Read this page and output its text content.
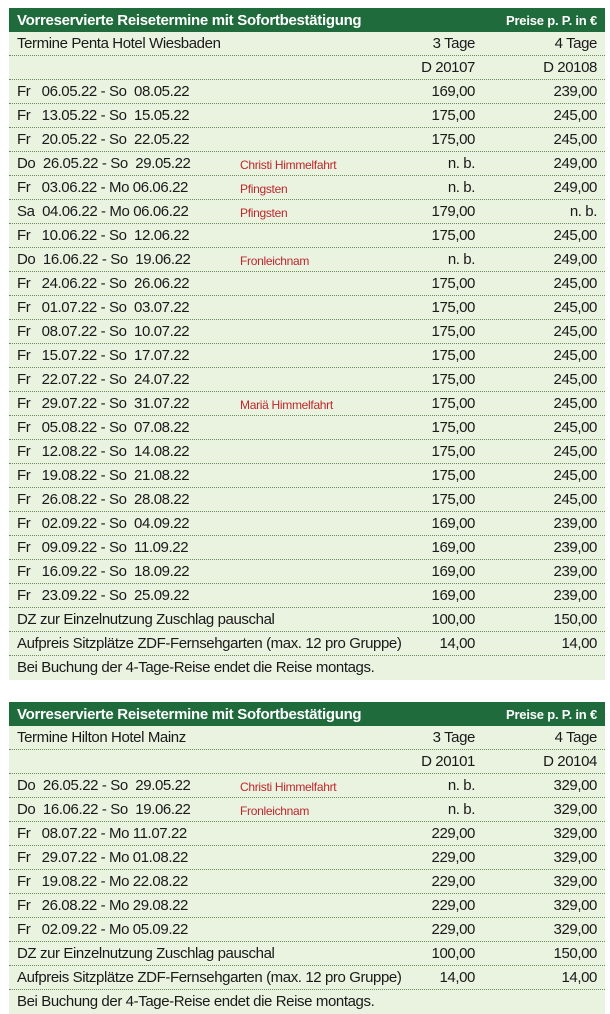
Vorreservierte Reisetermine mit Sofortbestätigung	Preise p. P. in €
Termine Penta Hotel Wiesbaden	3 Tage	4 Tage
D 20107	D 20108
Fr   06.05.22 - So  08.05.22	169,00	239,00
Fr   13.05.22 - So  15.05.22	175,00	245,00
Fr   20.05.22 - So  22.05.22	175,00	245,00
Do  26.05.22 - So  29.05.22	Christi Himmelfahrt	n. b.	249,00
Fr   03.06.22 - Mo 06.06.22	Pfingsten	n. b.	249,00
Sa  04.06.22 - Mo 06.06.22	Pfingsten	179,00	n. b.
Fr   10.06.22 - So  12.06.22	175,00	245,00
Do  16.06.22 - So  19.06.22	Fronleichnam	n. b.	249,00
Fr   24.06.22 - So  26.06.22	175,00	245,00
Fr   01.07.22 - So  03.07.22	175,00	245,00
Fr   08.07.22 - So  10.07.22	175,00	245,00
Fr   15.07.22 - So  17.07.22	175,00	245,00
Fr   22.07.22 - So  24.07.22	175,00	245,00
Fr   29.07.22 - So  31.07.22	Mariä Himmelfahrt	175,00	245,00
Fr   05.08.22 - So  07.08.22	175,00	245,00
Fr   12.08.22 - So  14.08.22	175,00	245,00
Fr   19.08.22 - So  21.08.22	175,00	245,00
Fr   26.08.22 - So  28.08.22	175,00	245,00
Fr   02.09.22 - So  04.09.22	169,00	239,00
Fr   09.09.22 - So  11.09.22	169,00	239,00
Fr   16.09.22 - So  18.09.22	169,00	239,00
Fr   23.09.22 - So  25.09.22	169,00	239,00
DZ zur Einzelnutzung Zuschlag pauschal	100,00	150,00
Aufpreis Sitzplätze ZDF-Fernsehgarten (max. 12 pro Gruppe)	14,00	14,00
Bei Buchung der 4-Tage-Reise endet die Reise montags.
Vorreservierte Reisetermine mit Sofortbestätigung	Preise p. P. in €
Termine Hilton Hotel Mainz	3 Tage	4 Tage
D 20101	D 20104
Do  26.05.22 - So  29.05.22	Christi Himmelfahrt	n. b.	329,00
Do  16.06.22 - So  19.06.22	Fronleichnam	n. b.	329,00
Fr   08.07.22 - Mo 11.07.22	229,00	329,00
Fr   29.07.22 - Mo 01.08.22	229,00	329,00
Fr   19.08.22 - Mo 22.08.22	229,00	329,00
Fr   26.08.22 - Mo 29.08.22	229,00	329,00
Fr   02.09.22 - Mo 05.09.22	229,00	329,00
DZ zur Einzelnutzung Zuschlag pauschal	100,00	150,00
Aufpreis Sitzplätze ZDF-Fernsehgarten (max. 12 pro Gruppe)	14,00	14,00
Bei Buchung der 4-Tage-Reise endet die Reise montags.
